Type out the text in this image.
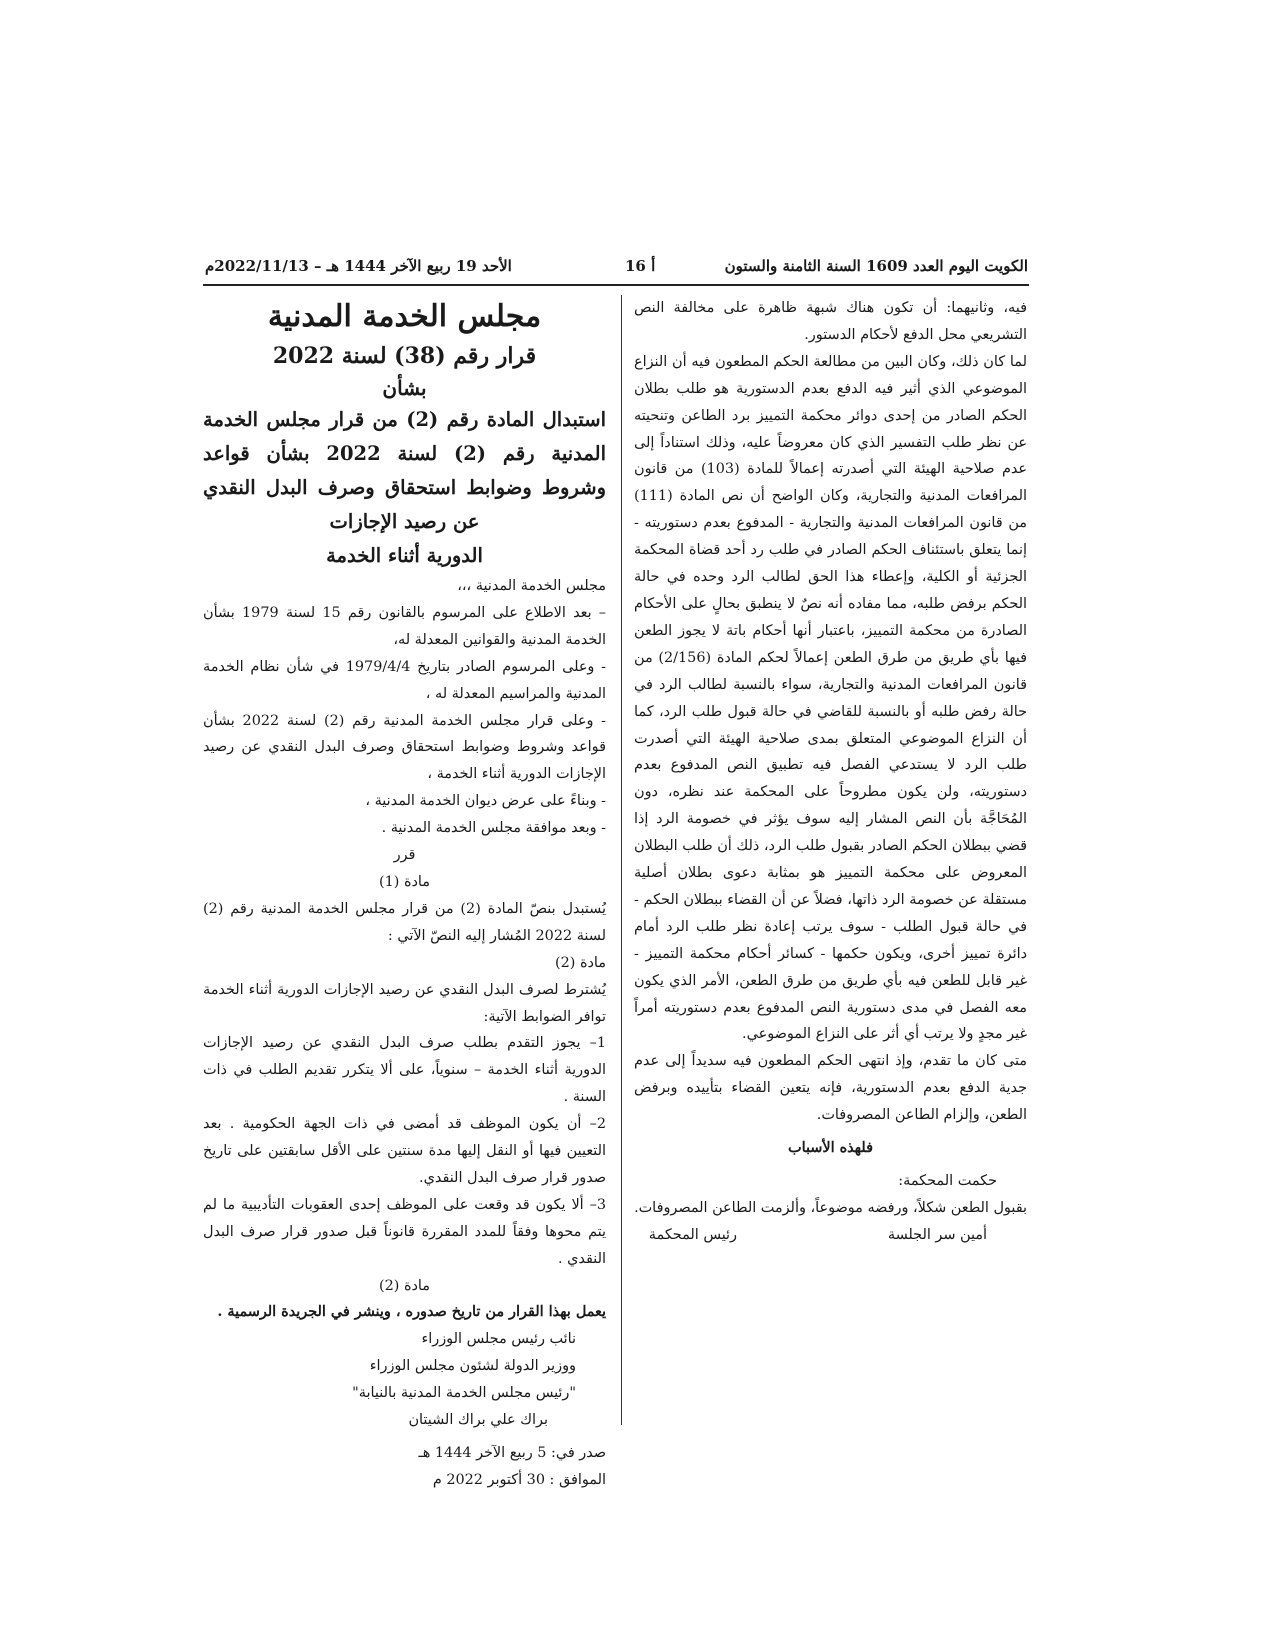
الكويت اليوم العدد 1609 السنة الثامنة والستون
أ 16
الأحد 19 ربيع الآخر 1444 هـ – 2022/11/13م

فيه، وثانيهما: أن تكون هناك شبهة ظاهرة على مخالفة النص التشريعي محل الدفع لأحكام الدستور.

لما كان ذلك، وكان البين من مطالعة الحكم المطعون فيه أن النزاع الموضوعي الذي أثير فيه الدفع بعدم الدستورية هو طلب بطلان الحكم الصادر من إحدى دوائر محكمة التمييز برد الطاعن وتنحيته عن نظر طلب التفسير الذي كان معروضاً عليه، وذلك استناداً إلى عدم صلاحية الهيئة التي أصدرته إعمالاً للمادة (103) من قانون المرافعات المدنية والتجارية، وكان الواضح أن نص المادة (111) من قانون المرافعات المدنية والتجارية - المدفوع بعدم دستوريته - إنما يتعلق باستئناف الحكم الصادر في طلب رد أحد قضاة المحكمة الجزئية أو الكلية، وإعطاء هذا الحق لطالب الرد وحده في حالة الحكم برفض طلبه، مما مفاده أنه نصٌ لا ينطبق بحالٍ على الأحكام الصادرة من محكمة التمييز، باعتبار أنها أحكام باتة لا يجوز الطعن فيها بأي طريق من طرق الطعن إعمالاً لحكم المادة (2/156) من قانون المرافعات المدنية والتجارية، سواء بالنسبة لطالب الرد في حالة رفض طلبه أو بالنسبة للقاضي في حالة قبول طلب الرد، كما أن النزاع الموضوعي المتعلق بمدى صلاحية الهيئة التي أصدرت طلب الرد لا يستدعي الفصل فيه تطبيق النص المدفوع بعدم دستوريته، ولن يكون مطروحاً على المحكمة عند نظره، دون المُحَاجَّة بأن النص المشار إليه سوف يؤثر في خصومة الرد إذا قضي ببطلان الحكم الصادر بقبول طلب الرد، ذلك أن طلب البطلان المعروض على محكمة التمييز هو بمثابة دعوى بطلان أصلية مستقلة عن خصومة الرد ذاتها، فضلاً عن أن القضاء ببطلان الحكم - في حالة قبول الطلب - سوف يرتب إعادة نظر طلب الرد أمام دائرة تمييز أخرى، ويكون حكمها - كسائر أحكام محكمة التمييز - غير قابل للطعن فيه بأي طريق من طرق الطعن، الأمر الذي يكون معه الفصل في مدى دستورية النص المدفوع بعدم دستوريته أمراً غير مجدٍ ولا يرتب أي أثر على النزاع الموضوعي.

متى كان ما تقدم، وإذ انتهى الحكم المطعون فيه سديداً إلى عدم جدية الدفع بعدم الدستورية، فإنه يتعين القضاء بتأييده وبرفض الطعن، وإلزام الطاعن المصروفات.

فلهذه الأسباب

حكمت المحكمة:

بقبول الطعن شكلاً، ورفضه موضوعاً، وألزمت الطاعن المصروفات.

أمين سر الجلسة
رئيس المحكمة

مجلس الخدمة المدنية

قرار رقم (38) لسنة 2022

بشأن

استبدال المادة رقم (2) من قرار مجلس الخدمة المدنية رقم (2) لسنة 2022 بشأن قواعد وشروط وضوابط استحقاق وصرف البدل النقدي عن رصيد الإجازات

الدورية أثناء الخدمة

مجلس الخدمة المدنية ،،،

– بعد الاطلاع على المرسوم بالقانون رقم 15 لسنة 1979 بشأن الخدمة المدنية والقوانين المعدلة له،

- وعلى المرسوم الصادر بتاريخ 1979/4/4 في شأن نظام الخدمة المدنية والمراسيم المعدلة له ،

- وعلى قرار مجلس الخدمة المدنية رقم (2) لسنة 2022 بشأن قواعد وشروط وضوابط استحقاق وصرف البدل النقدي عن رصيد الإجازات الدورية أثناء الخدمة ،

- وبناءً على عرض ديوان الخدمة المدنية ،

- وبعد موافقة مجلس الخدمة المدنية .

قرر

مادة (1)

يُستبدل بنصّ المادة (2) من قرار مجلس الخدمة المدنية رقم (2) لسنة 2022 المُشار إليه النصّ الآتي :

مادة (2)

يُشترط لصرف البدل النقدي عن رصيد الإجازات الدورية أثناء الخدمة توافر الضوابط الآتية:

1– يجوز التقدم بطلب صرف البدل النقدي عن رصيد الإجازات الدورية أثناء الخدمة – سنوياً، على ألا يتكرر تقديم الطلب في ذات السنة .

2– أن يكون الموظف قد أمضى في ذات الجهة الحكومية . بعد التعيين فيها أو النقل إليها مدة سنتين على الأقل سابقتين على تاريخ صدور قرار صرف البدل النقدي.

3– ألا يكون قد وقعت على الموظف إحدى العقوبات التأديبية ما لم يتم محوها وفقاً للمدد المقررة قانوناً قبل صدور قرار صرف البدل النقدي .

مادة (2)

يعمل بهذا القرار من تاريخ صدوره ، وينشر في الجريدة الرسمية .

نائب رئيس مجلس الوزراء

ووزير الدولة لشئون مجلس الوزراء

"رئيس مجلس الخدمة المدنية بالنيابة"

براك علي براك الشيتان

صدر في: 5 ربيع الآخر 1444 هـ

الموافق : 30 أكتوبر 2022 م
